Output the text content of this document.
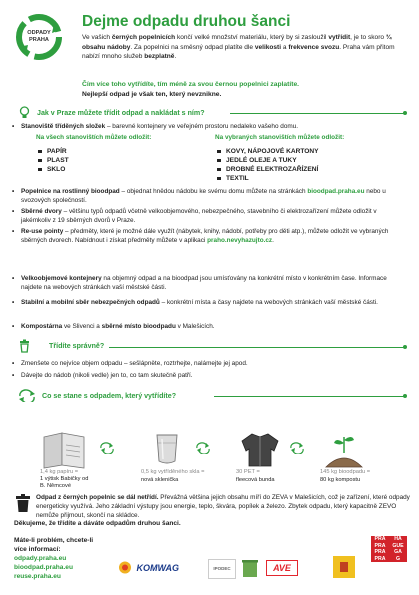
ODPADY
PRAHA
Dejme odpadu druhou šanci

Ve vašich černých popelnicích končí velké množství materiálu, který by si zasloužil vytřídit, je to skoro ¾ obsahu nádoby. Za popelnici na směsný odpad platíte dle velikosti a frekvence svozu. Praha vám přitom nabízí mnoho služeb bezplatně.

Čím více toho vytřídíte, tím méně za svou černou popelnici zaplatíte.
Nejlepší odpad je však ten, který nevznikne.
Jak v Praze můžete třídit odpad a nakládat s ním?
• Stanoviště tříděných složek – barevné kontejnery ve veřejném prostoru nedaleko vašeho domu.
Na všech stanovištích můžete odložit:	Na vybraných stanovištích můžete odložit:
PAPÍR
PLAST
SKLO
KOVY, NÁPOJOVÉ KARTONY
JEDLÉ OLEJE A TUKY
DROBNÉ ELEKTROZAŘÍZENÍ
TEXTIL
• Popelnice na rostlinný bioodpad – objednat hnědou nádobu ke svému domu můžete na stránkách bioodpad.praha.eu nebo u svozových společností.
• Sběrné dvory – většinu typů odpadů včetně velkoobjemového, nebezpečného, stavebního či elektrozařízení můžete odložit v jakémkoliv z 19 sběrných dvorů v Praze.
• Re-use pointy – předměty, které je možné dále využít (nábytek, knihy, nádobí, potřeby pro děti atp.), můžete odložit ve vybraných sběrných dvorech. Nabídnout i získat předměty můžete v aplikaci praho.nevyhazujto.cz.
• Velkoobjemové kontejnery na objemný odpad a na bioodpad jsou umísťovány na konkrétní místo v konkrétním čase. Informace najdete na webových stránkách vaší městské části.
• Stabilní a mobilní sběr nebezpečných odpadů – konkrétní místa a časy najdete na webových stránkách vaší městské části.
• Kompostárna ve Slivenci a sběrné místo bioodpadu v Malešicích.
Třídíte správně?
• Zmenšete co nejvíce objem odpadu – sešlápněte, roztrhejte, nalámejte jej apod.
• Dávejte do nádob (nikoli vedle) jen to, co tam skutečně patří.
Co se stane s odpadem, který vytřídíte?
1,4 kg papíru =
1 výtisk Babičky od B. Němcové
0,5 kg vytříděného skla =
nová sklenička
30 PET =
fleecová bunda
145 kg bioodpadu =
80 kg kompostu
Odpad z černých popelnic se dál netřídí. Převážná většina jejich obsahu míří do ZEVA v Malešicích, což je zařízení, které odpady energeticky využívá. Jeho základní výstupy jsou energie, teplo, škvára, popílek a železo. Zbytek odpadu, který kapacitně ZEVO nemůže přijmout, skončí na skládce.
Děkujeme, že třídíte a dáváte odpadům druhou šanci.
Máte-li problém, chcete-li
více informací:
odpady.praha.eu
bioodpad.praha.eu
reuse.praha.eu
KOMWAG	IPODEC	AVE
PRA	HA
PRA	GUE
PRA	GA
PRA	G
